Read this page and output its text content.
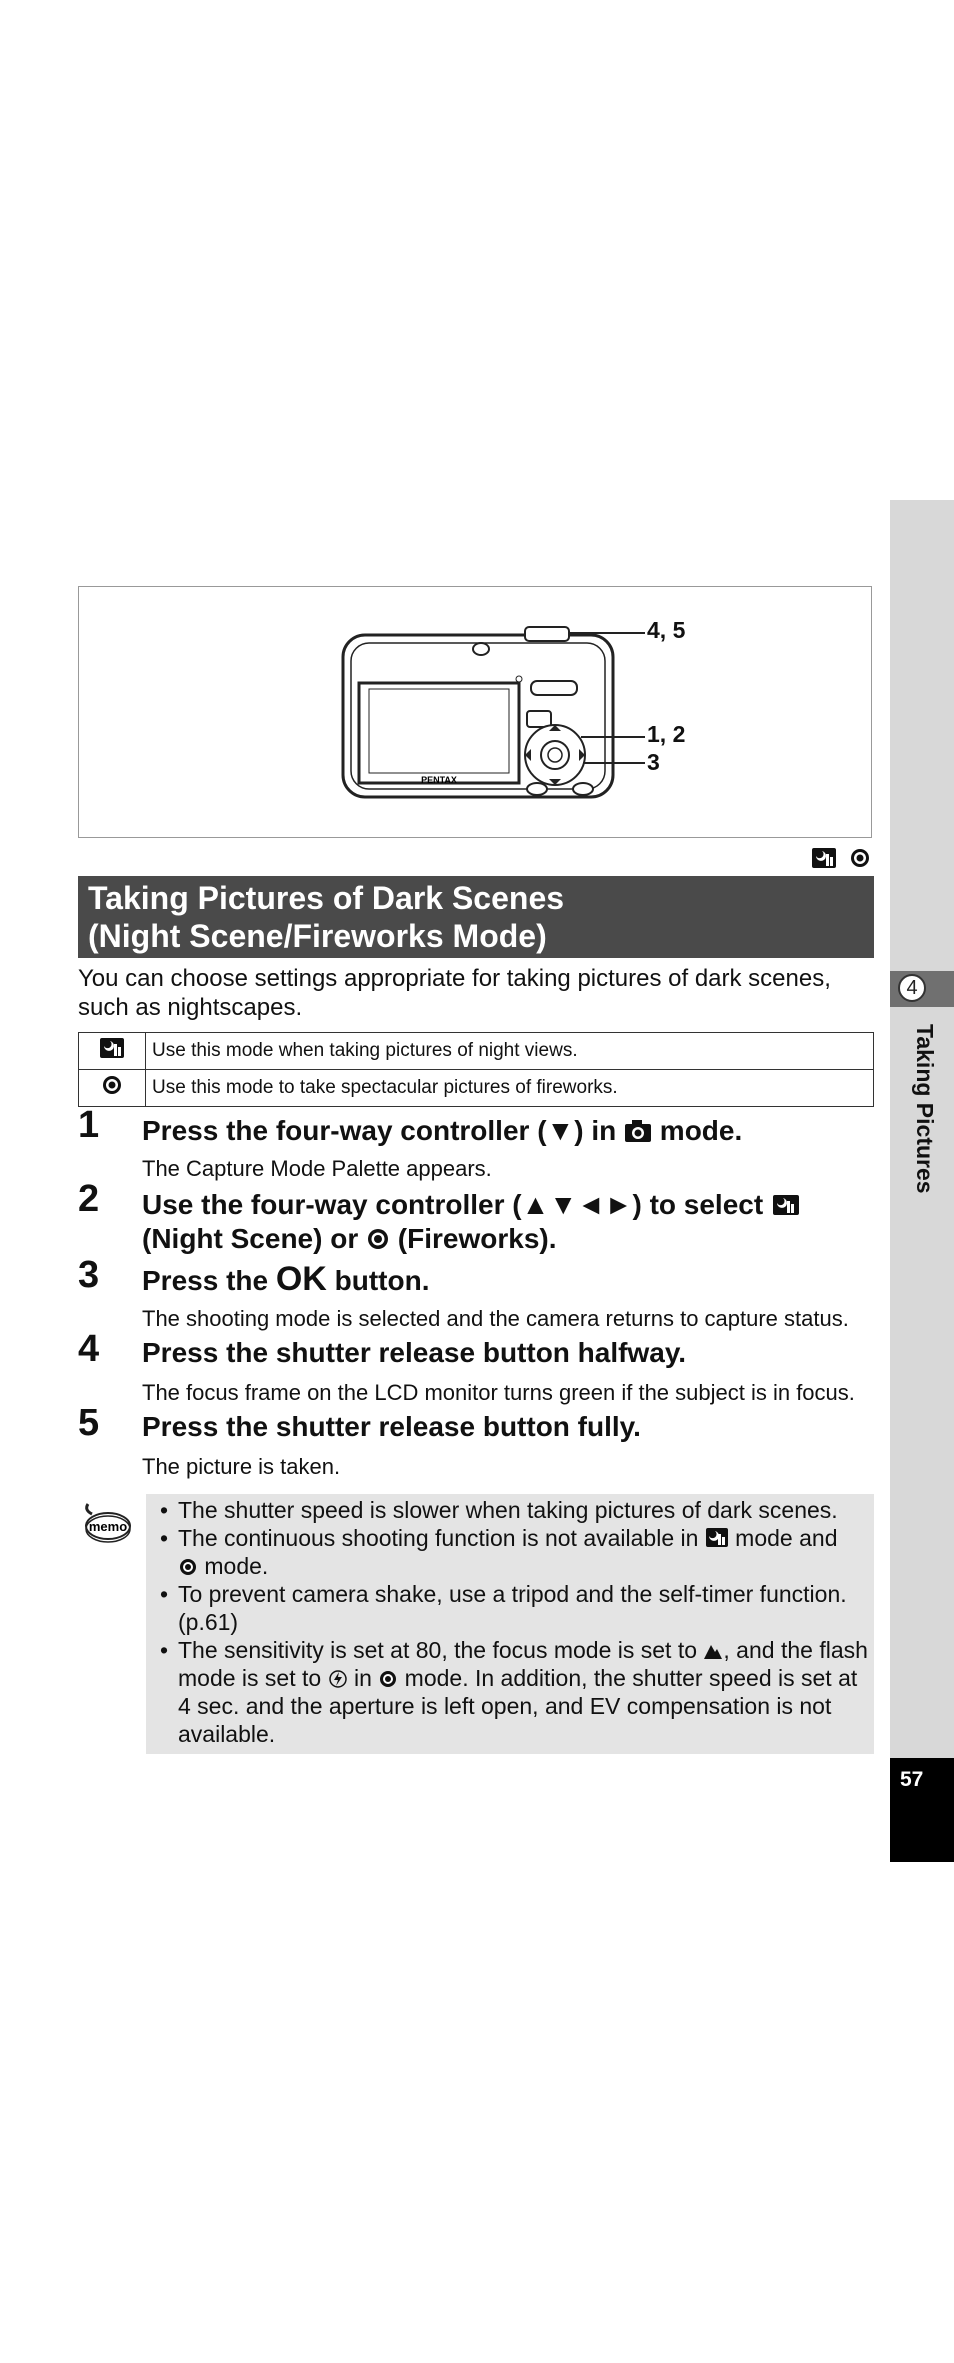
4
Taking Pictures
57
PENTAX
4, 5
1, 2
3
Taking Pictures of Dark Scenes
(Night Scene/Fireworks Mode)
You can choose settings appropriate for taking pictures of dark scenes, such as nightscapes.
	Use this mode when taking pictures of night views.
	Use this mode to take spectacular pictures of fireworks.
1 Press the four-way controller (▼) in  mode.
The Capture Mode Palette appears.
2 Use the four-way controller (▲▼◄►) to select
(Night Scene) or  (Fireworks).
3 Press the OK button.
The shooting mode is selected and the camera returns to capture status.
4 Press the shutter release button halfway.
The focus frame on the LCD monitor turns green if the subject is in focus.
5 Press the shutter release button fully.
The picture is taken.
memo
• The shutter speed is slower when taking pictures of dark scenes.
• The continuous shooting function is not available in  mode and
mode.
• To prevent camera shake, use a tripod and the self-timer function. (p.61)
• The sensitivity is set at 80, the focus mode is set to , and the flash mode is set to  in  mode. In addition, the shutter speed is set at 4 sec. and the aperture is left open, and EV compensation is not available.
